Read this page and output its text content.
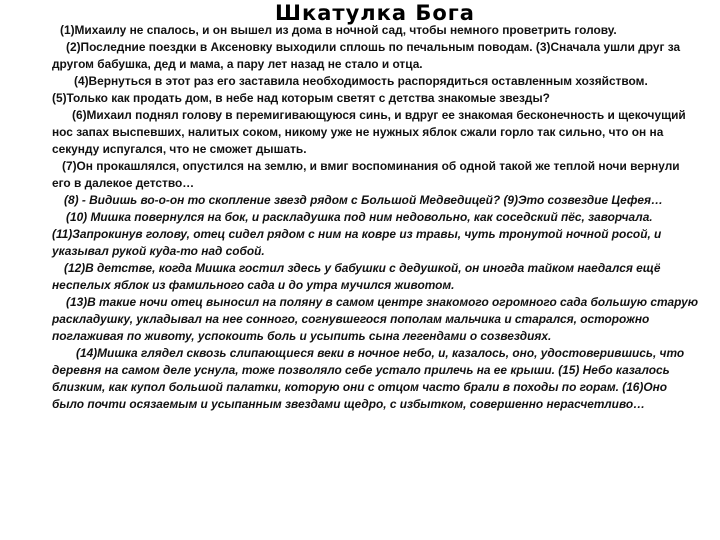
Шкатулка Бога

(1)Михаилу не спалось, и он вышел из дома в ночной сад, чтобы немного проветрить голову.

(2)Последние поездки в Аксеновку выходили сплошь по печальным поводам. (3)Сначала ушли друг за другом бабушка, дед и мама, а пару лет назад не стало и отца.

(4)Вернуться в этот раз его заставила необходимость распорядиться оставленным хозяйством. (5)Только как продать дом, в небе над которым светят с детства знакомые звезды?

(6)Михаил поднял голову в перемигивающуюся синь, и вдруг ее знакомая бесконечность и щекочущий нос запах выспевших, налитых соком, никому уже не нужных яблок сжали горло так сильно, что он на секунду испугался, что не сможет дышать.

(7)Он прокашлялся, опустился на землю, и вмиг воспоминания об одной такой же теплой ночи вернули его в далекое детство…

(8) - Видишь во-о-он то скопление звезд рядом с Большой Медведицей? (9)Это созвездие Цефея…

(10) Мишка повернулся на бок, и раскладушка под ним недовольно, как соседский пёс, заворчала. (11)Запрокинув голову, отец сидел рядом с ним на ковре из травы, чуть тронутой ночной росой, и указывал рукой куда-то над собой.

(12)В детстве, когда Мишка гостил здесь у бабушки с дедушкой, он иногда тайком наедался ещё неспелых яблок из фамильного сада и до утра мучился животом.

(13)В такие ночи отец выносил на поляну в самом центре знакомого огромного сада большую старую раскладушку, укладывал на нее сонного, согнувшегося пополам мальчика и старался, осторожно поглаживая по животу, успокоить боль и усыпить сына легендами о созвездиях.

(14)Мишка глядел сквозь слипающиеся веки в ночное небо, и, казалось, оно, удостоверившись, что деревня на самом деле уснула, тоже позволяло себе устало прилечь на ее крыши. (15) Небо казалось близким, как купол большой палатки, которую они с отцом часто брали в походы по горам. (16)Оно было почти осязаемым и усыпанным звездами щедро, с избытком, совершенно нерасчетливо…
